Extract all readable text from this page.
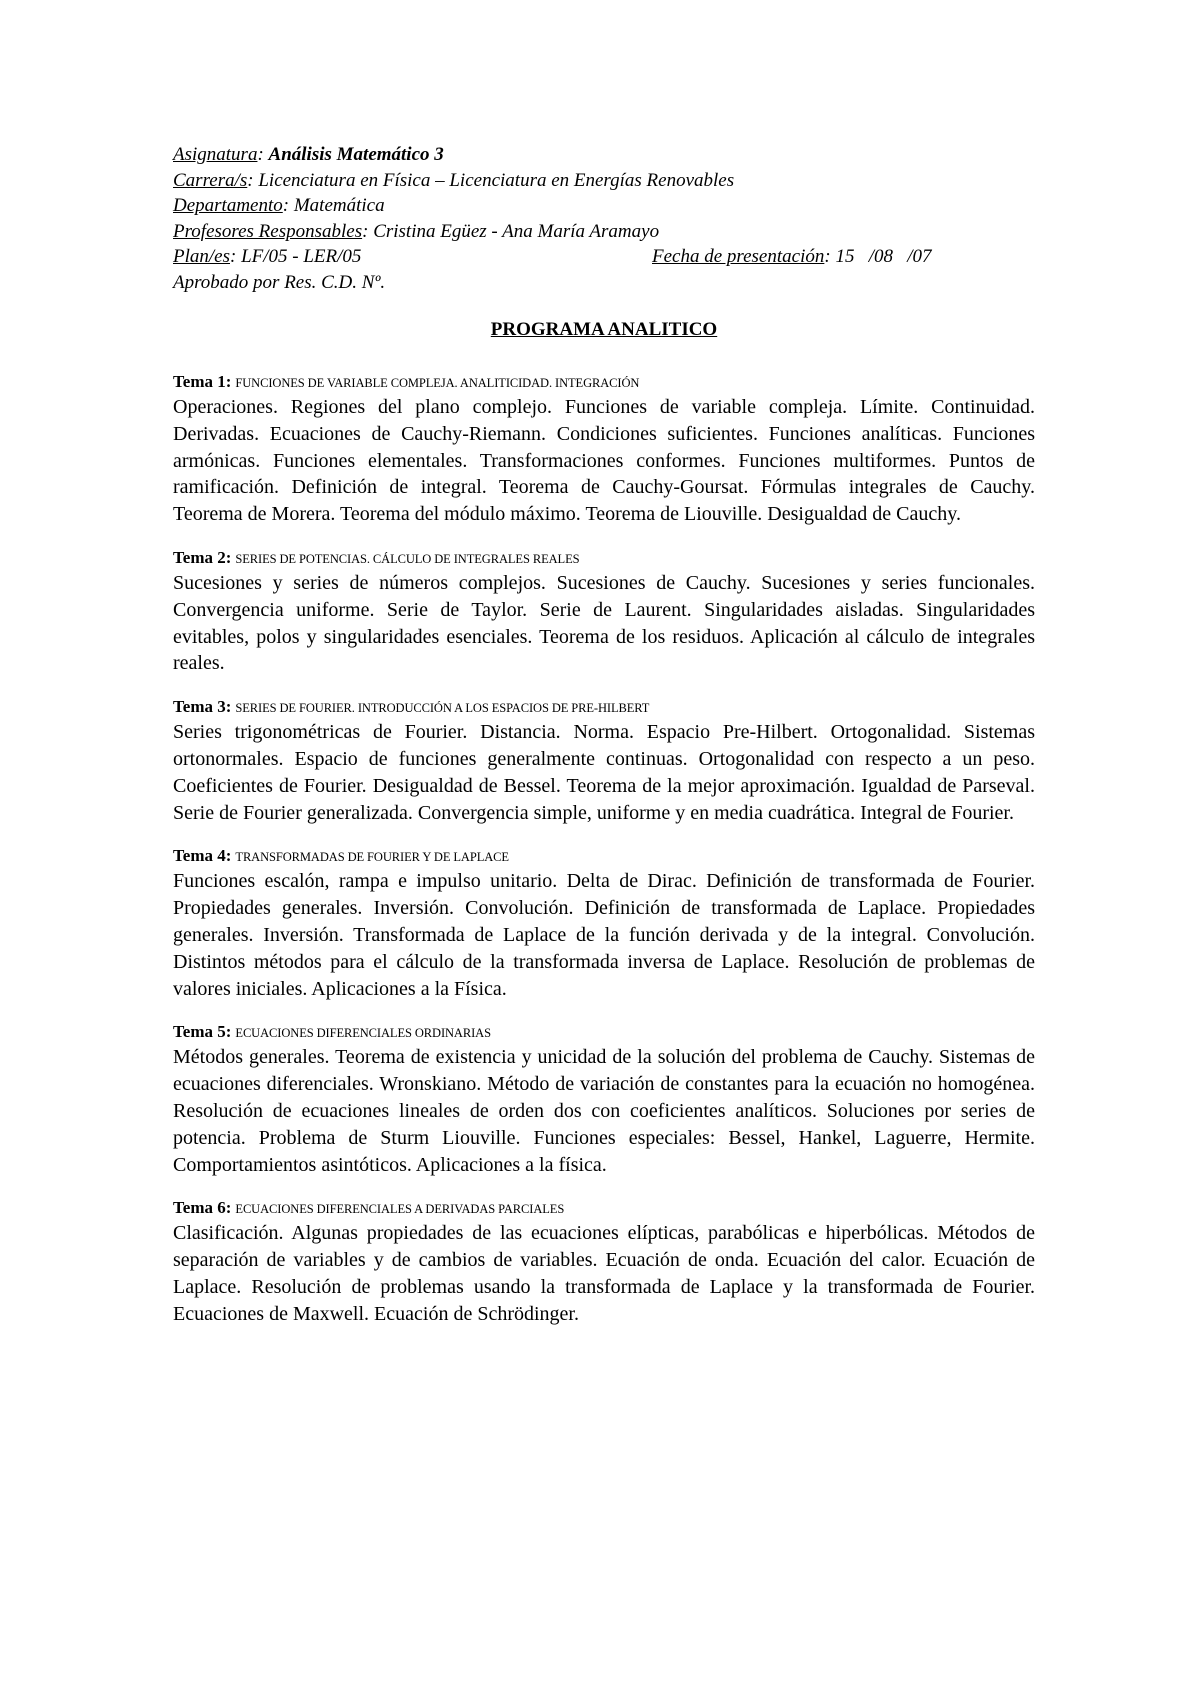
Asignatura: Análisis Matemático 3
Carrera/s: Licenciatura en Física – Licenciatura en Energías Renovables
Departamento: Matemática
Profesores Responsables: Cristina Egüez - Ana María Aramayo
Plan/es: LF/05 - LER/05	Fecha de presentación: 15   /08   /07
Aprobado por Res. C.D. Nº.
PROGRAMA ANALITICO
Tema 1: FUNCIONES DE VARIABLE COMPLEJA. ANALITICIDAD. INTEGRACIÓN

Operaciones. Regiones del plano complejo. Funciones de variable compleja. Límite. Continuidad. Derivadas. Ecuaciones de Cauchy-Riemann. Condiciones suficientes. Funciones analíticas. Funciones armónicas. Funciones elementales. Transformaciones conformes. Funciones multiformes. Puntos de ramificación. Definición de integral. Teorema de Cauchy-Goursat. Fórmulas integrales de Cauchy. Teorema de Morera. Teorema del módulo máximo. Teorema de Liouville. Desigualdad de Cauchy.

Tema 2: SERIES DE POTENCIAS. CÁLCULO DE INTEGRALES REALES

Sucesiones y series de números complejos. Sucesiones de Cauchy. Sucesiones y series funcionales. Convergencia uniforme. Serie de Taylor. Serie de Laurent. Singularidades aisladas. Singularidades evitables, polos y singularidades esenciales. Teorema de los residuos. Aplicación al cálculo de integrales reales.

Tema 3: SERIES DE FOURIER. INTRODUCCIÓN A LOS ESPACIOS DE PRE-HILBERT

Series trigonométricas de Fourier. Distancia. Norma. Espacio Pre-Hilbert. Ortogonalidad. Sistemas ortonormales. Espacio de funciones generalmente continuas. Ortogonalidad con respecto a un peso. Coeficientes de Fourier. Desigualdad de Bessel. Teorema de la mejor aproximación. Igualdad de Parseval. Serie de Fourier generalizada. Convergencia simple, uniforme y en media cuadrática. Integral de Fourier.

Tema 4: TRANSFORMADAS DE FOURIER Y DE LAPLACE

Funciones escalón, rampa e impulso unitario. Delta de Dirac. Definición de transformada de Fourier. Propiedades generales. Inversión. Convolución. Definición de transformada de Laplace. Propiedades generales. Inversión. Transformada de Laplace de la función derivada y de la integral. Convolución. Distintos métodos para el cálculo de la transformada inversa de Laplace. Resolución de problemas de valores iniciales. Aplicaciones a la Física.

Tema 5: ECUACIONES DIFERENCIALES ORDINARIAS

Métodos generales. Teorema de existencia y unicidad de la solución del problema de Cauchy. Sistemas de ecuaciones diferenciales. Wronskiano. Método de variación de constantes para la ecuación no homogénea. Resolución de ecuaciones lineales de orden dos con coeficientes analíticos. Soluciones por series de potencia. Problema de Sturm Liouville. Funciones especiales: Bessel, Hankel, Laguerre, Hermite. Comportamientos asintóticos. Aplicaciones a la física.

Tema 6: ECUACIONES DIFERENCIALES A DERIVADAS PARCIALES

Clasificación. Algunas propiedades de las ecuaciones elípticas, parabólicas e hiperbólicas. Métodos de separación de variables y de cambios de variables. Ecuación de onda. Ecuación del calor. Ecuación de Laplace. Resolución de problemas usando la transformada de Laplace y la transformada de Fourier. Ecuaciones de Maxwell. Ecuación de Schrödinger.
